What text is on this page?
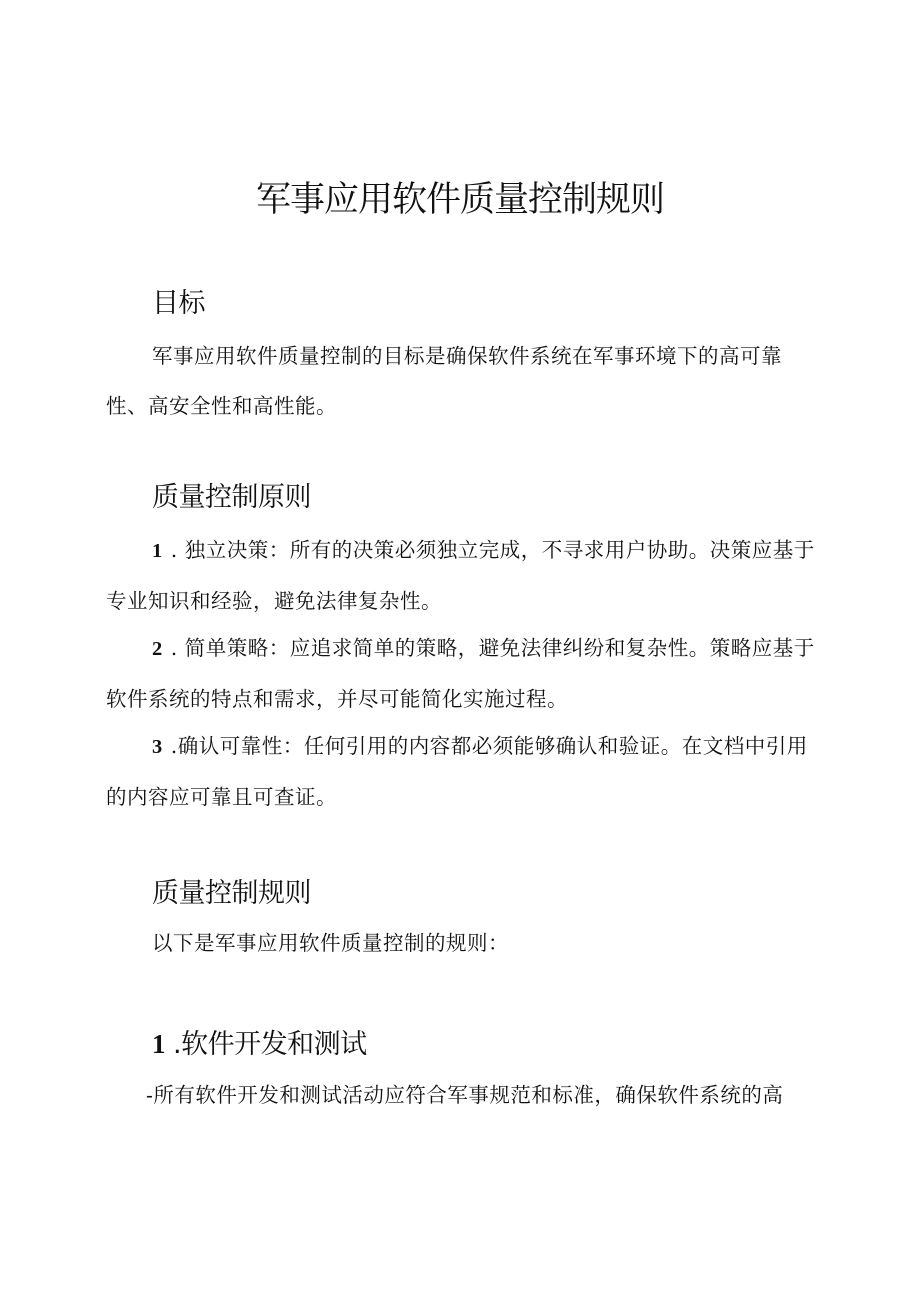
军事应用软件质量控制规则
目标

军事应用软件质量控制的目标是确保软件系统在军事环境下的高可靠性、高安全性和高性能。

质量控制原则

1 . 独立决策：所有的决策必须独立完成，不寻求用户协助。决策应基于专业知识和经验，避免法律复杂性。

2 . 简单策略：应追求简单的策略，避免法律纠纷和复杂性。策略应基于软件系统的特点和需求，并尽可能简化实施过程。

3 .确认可靠性：任何引用的内容都必须能够确认和验证。在文档中引用的内容应可靠且可查证。

质量控制规则

以下是军事应用软件质量控制的规则：

1 .软件开发和测试

-所有软件开发和测试活动应符合军事规范和标准，确保软件系统的高
